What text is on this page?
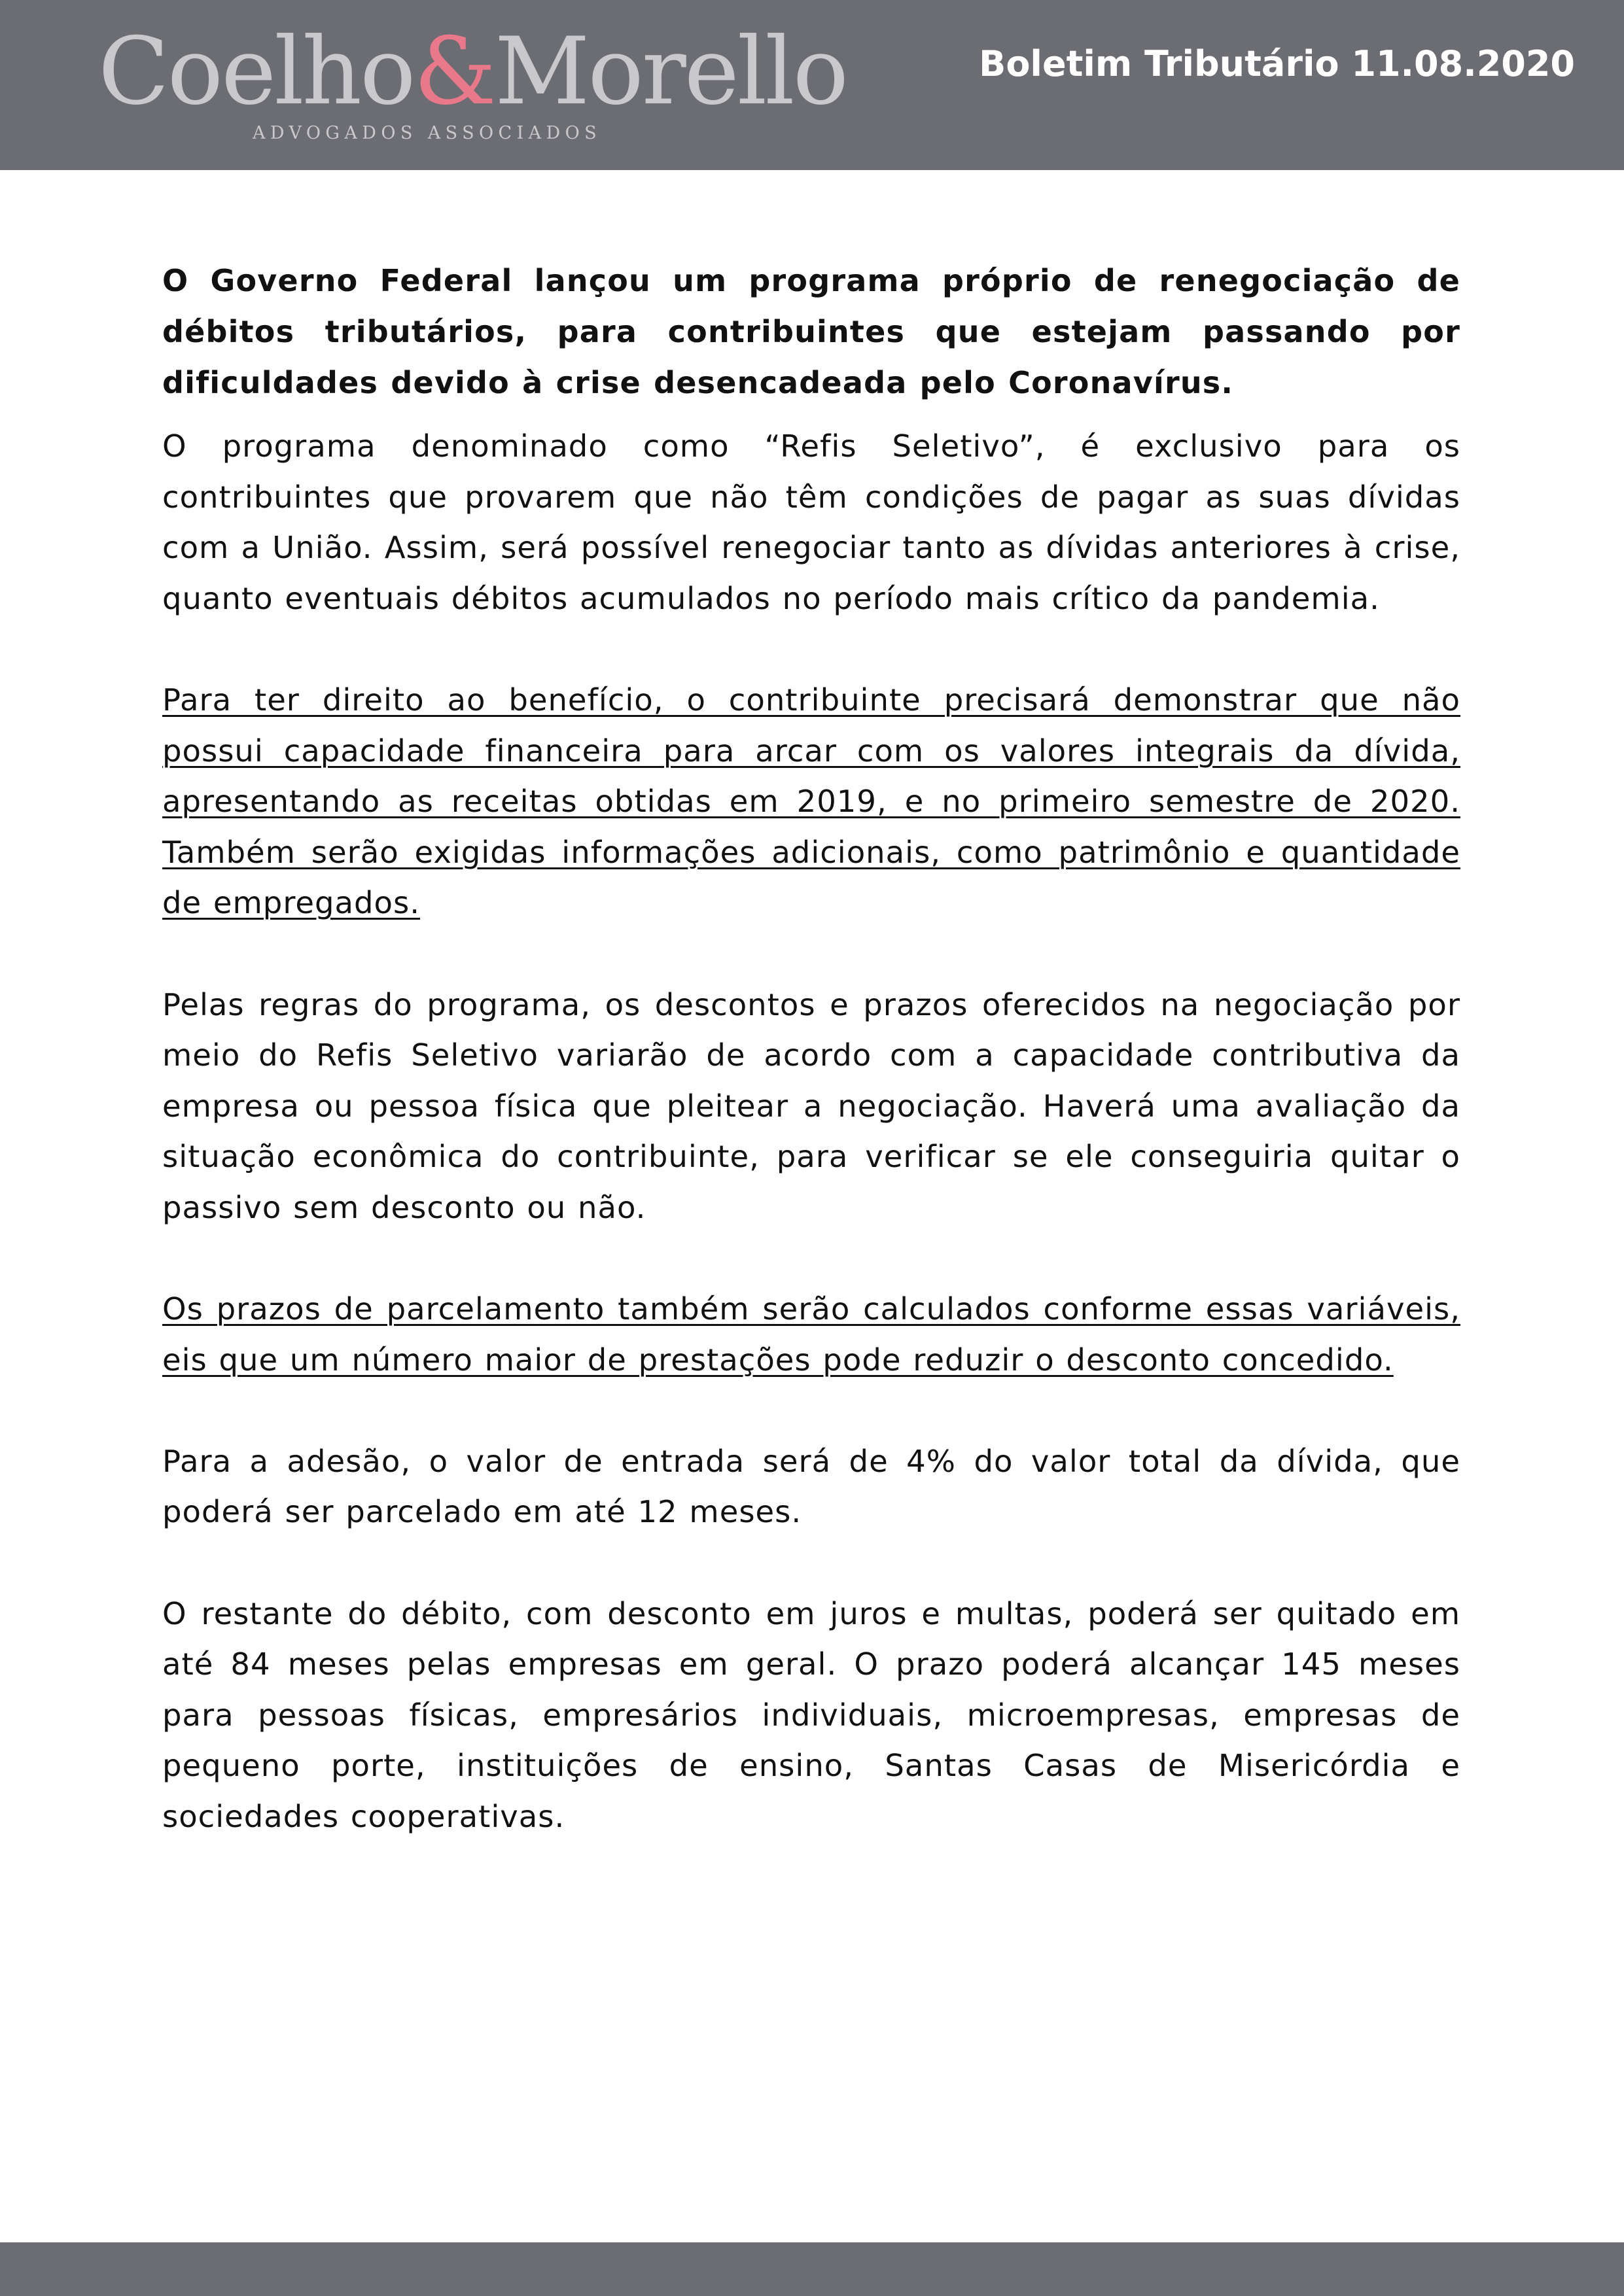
Coelho&Morello
ADVOGADOS ASSOCIADOS
Boletim Tributário 11.08.2020

O Governo Federal lançou um programa próprio de renegociação de débitos tributários, para contribuintes que estejam passando por dificuldades devido à crise desencadeada pelo Coronavírus.

O programa denominado como “Refis Seletivo”, é exclusivo para os contribuintes que provarem que não têm condições de pagar as suas dívidas com a União. Assim, será possível renegociar tanto as dívidas anteriores à crise, quanto eventuais débitos acumulados no período mais crítico da pandemia.

Para ter direito ao benefício, o contribuinte precisará demonstrar que não possui capacidade financeira para arcar com os valores integrais da dívida, apresentando as receitas obtidas em 2019, e no primeiro semestre de 2020. Também serão exigidas informações adicionais, como patrimônio e quantidade de empregados.

Pelas regras do programa, os descontos e prazos oferecidos na negociação por meio do Refis Seletivo variarão de acordo com a capacidade contributiva da empresa ou pessoa física que pleitear a negociação. Haverá uma avaliação da situação econômica do contribuinte, para verificar se ele conseguiria quitar o passivo sem desconto ou não.

Os prazos de parcelamento também serão calculados conforme essas variáveis, eis que um número maior de prestações pode reduzir o desconto concedido.

Para a adesão, o valor de entrada será de 4% do valor total da dívida, que poderá ser parcelado em até 12 meses.

O restante do débito, com desconto em juros e multas, poderá ser quitado em até 84 meses pelas empresas em geral. O prazo poderá alcançar 145 meses para pessoas físicas, empresários individuais, microempresas, empresas de pequeno porte, instituições de ensino, Santas Casas de Misericórdia e sociedades cooperativas.
